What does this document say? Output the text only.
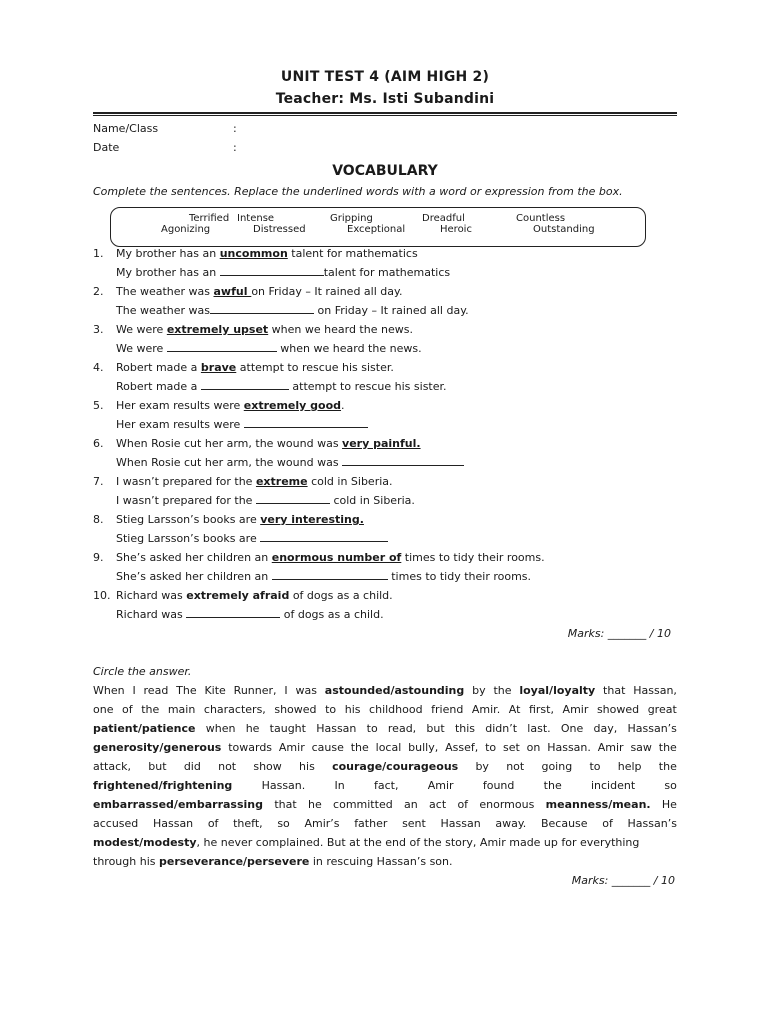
UNIT TEST 4 (AIM HIGH 2)
Teacher: Ms. Isti Subandini
Name/Class	:
Date	:
VOCABULARY
Complete the sentences. Replace the underlined words with a word or expression from the box.
Terrified Intense	Gripping	Dreadful	Countless
Agonizing	Distressed	Exceptional	Heroic	Outstanding
1. My brother has an uncommon talent for mathematics
My brother has an	talent for mathematics
2. The weather was awful on Friday – It rained all day.
The weather was	on Friday – It rained all day.
3. We were extremely upset when we heard the news.
We were	when we heard the news.
4. Robert made a brave attempt to rescue his sister.
Robert made a	attempt to rescue his sister.
5. Her exam results were extremely good.
Her exam results were
6. When Rosie cut her arm, the wound was very painful.
When Rosie cut her arm, the wound was
7. I wasn’t prepared for the extreme cold in Siberia.
I wasn’t prepared for the	cold in Siberia.
8. Stieg Larsson’s books are very interesting.
Stieg Larsson’s books are
9. She’s asked her children an enormous number of times to tidy their rooms.
She’s asked her children an	times to tidy their rooms.
10. Richard was extremely afraid of dogs as a child.
Richard was	of dogs as a child.
Marks: _______ / 10
Circle the answer.
When I read The Kite Runner, I was astounded/astounding by the loyal/loyalty that Hassan,
one of the main characters, showed to his childhood friend Amir. At first, Amir showed great
patient/patience when he taught Hassan to read, but this didn’t last. One day, Hassan’s
generosity/generous towards Amir cause the local bully, Assef, to set on Hassan. Amir saw the
attack, but did not show his courage/courageous by not going to help the
frightened/frightening	Hassan.	In	fact,	Amir	found	the	incident	so
embarrassed/embarrassing that he committed an act of enormous meanness/mean. He
accused Hassan of theft, so Amir’s father sent Hassan away. Because of Hassan’s
modest/modesty, he never complained. But at the end of the story, Amir made up for everything
through his perseverance/persevere in rescuing Hassan’s son.
Marks: _______ / 10
